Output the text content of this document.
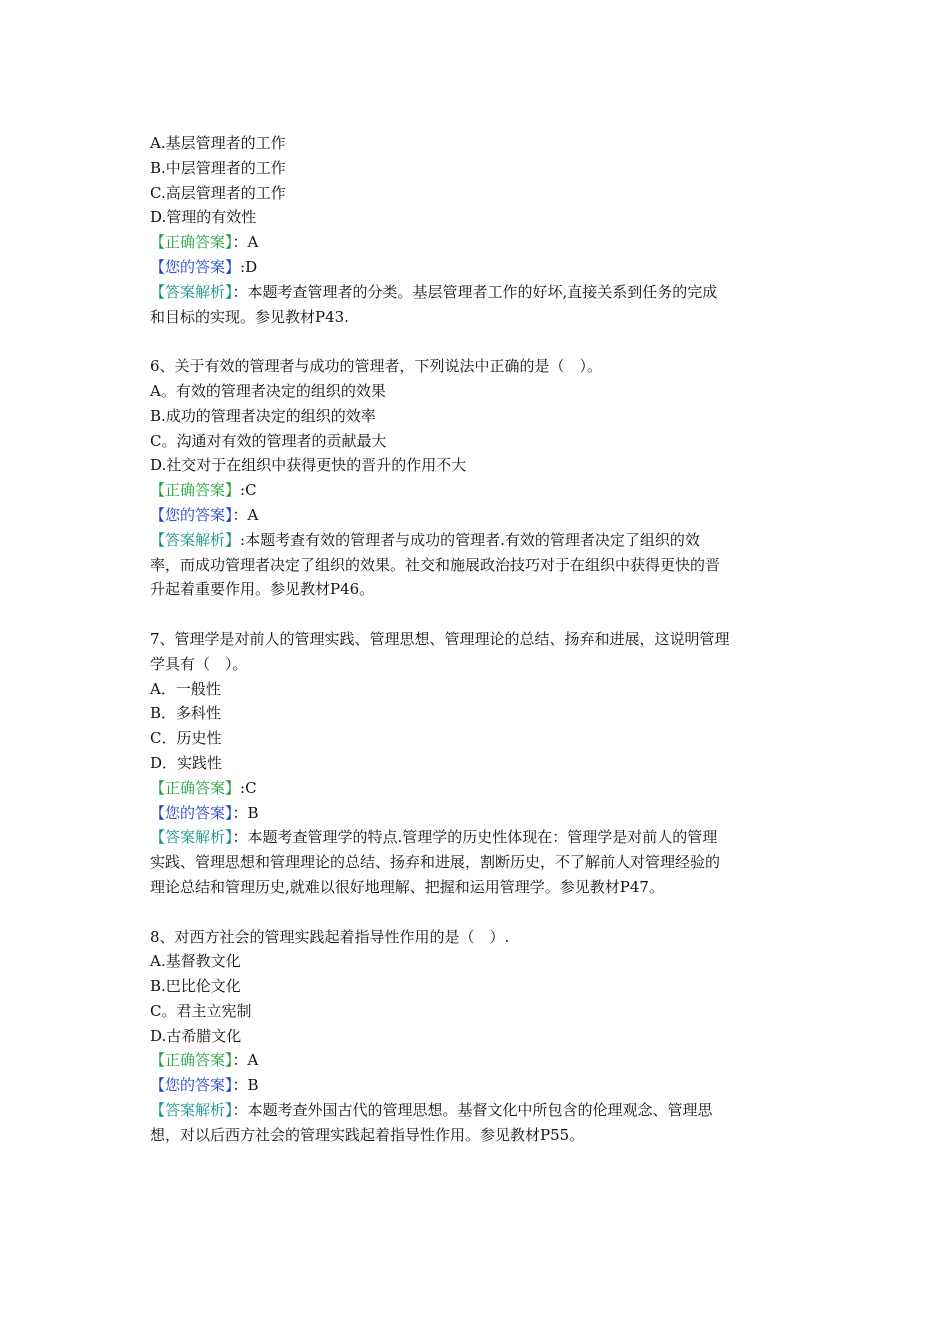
A.基层管理者的工作
B.中层管理者的工作
C.高层管理者的工作
D.管理的有效性
【正确答案】：A
【您的答案】:D
【答案解析】：本题考查管理者的分类。基层管理者工作的好坏,直接关系到任务的完成
和目标的实现。参见教材P43.
6、关于有效的管理者与成功的管理者，下列说法中正确的是（　）。
A。有效的管理者决定的组织的效果
B.成功的管理者决定的组织的效率
C。沟通对有效的管理者的贡献最大
D.社交对于在组织中获得更快的晋升的作用不大
【正确答案】:C
【您的答案】：A
【答案解析】:本题考查有效的管理者与成功的管理者.有效的管理者决定了组织的效
率，而成功管理者决定了组织的效果。社交和施展政治技巧对于在组织中获得更快的晋
升起着重要作用。参见教材P46。
7、管理学是对前人的管理实践、管理思想、管理理论的总结、扬弃和进展，这说明管理
学具有（　）。
A．一般性
B．多科性
C．历史性
D．实践性
【正确答案】:C
【您的答案】：B
【答案解析】：本题考查管理学的特点.管理学的历史性体现在：管理学是对前人的管理
实践、管理思想和管理理论的总结、扬弃和进展，割断历史，不了解前人对管理经验的
理论总结和管理历史,就难以很好地理解、把握和运用管理学。参见教材P47。
8、对西方社会的管理实践起着指导性作用的是（　）.
A.基督教文化
B.巴比伦文化
C。君主立宪制
D.古希腊文化
【正确答案】：A
【您的答案】：B
【答案解析】：本题考查外国古代的管理思想。基督文化中所包含的伦理观念、管理思
想，对以后西方社会的管理实践起着指导性作用。参见教材P55。
